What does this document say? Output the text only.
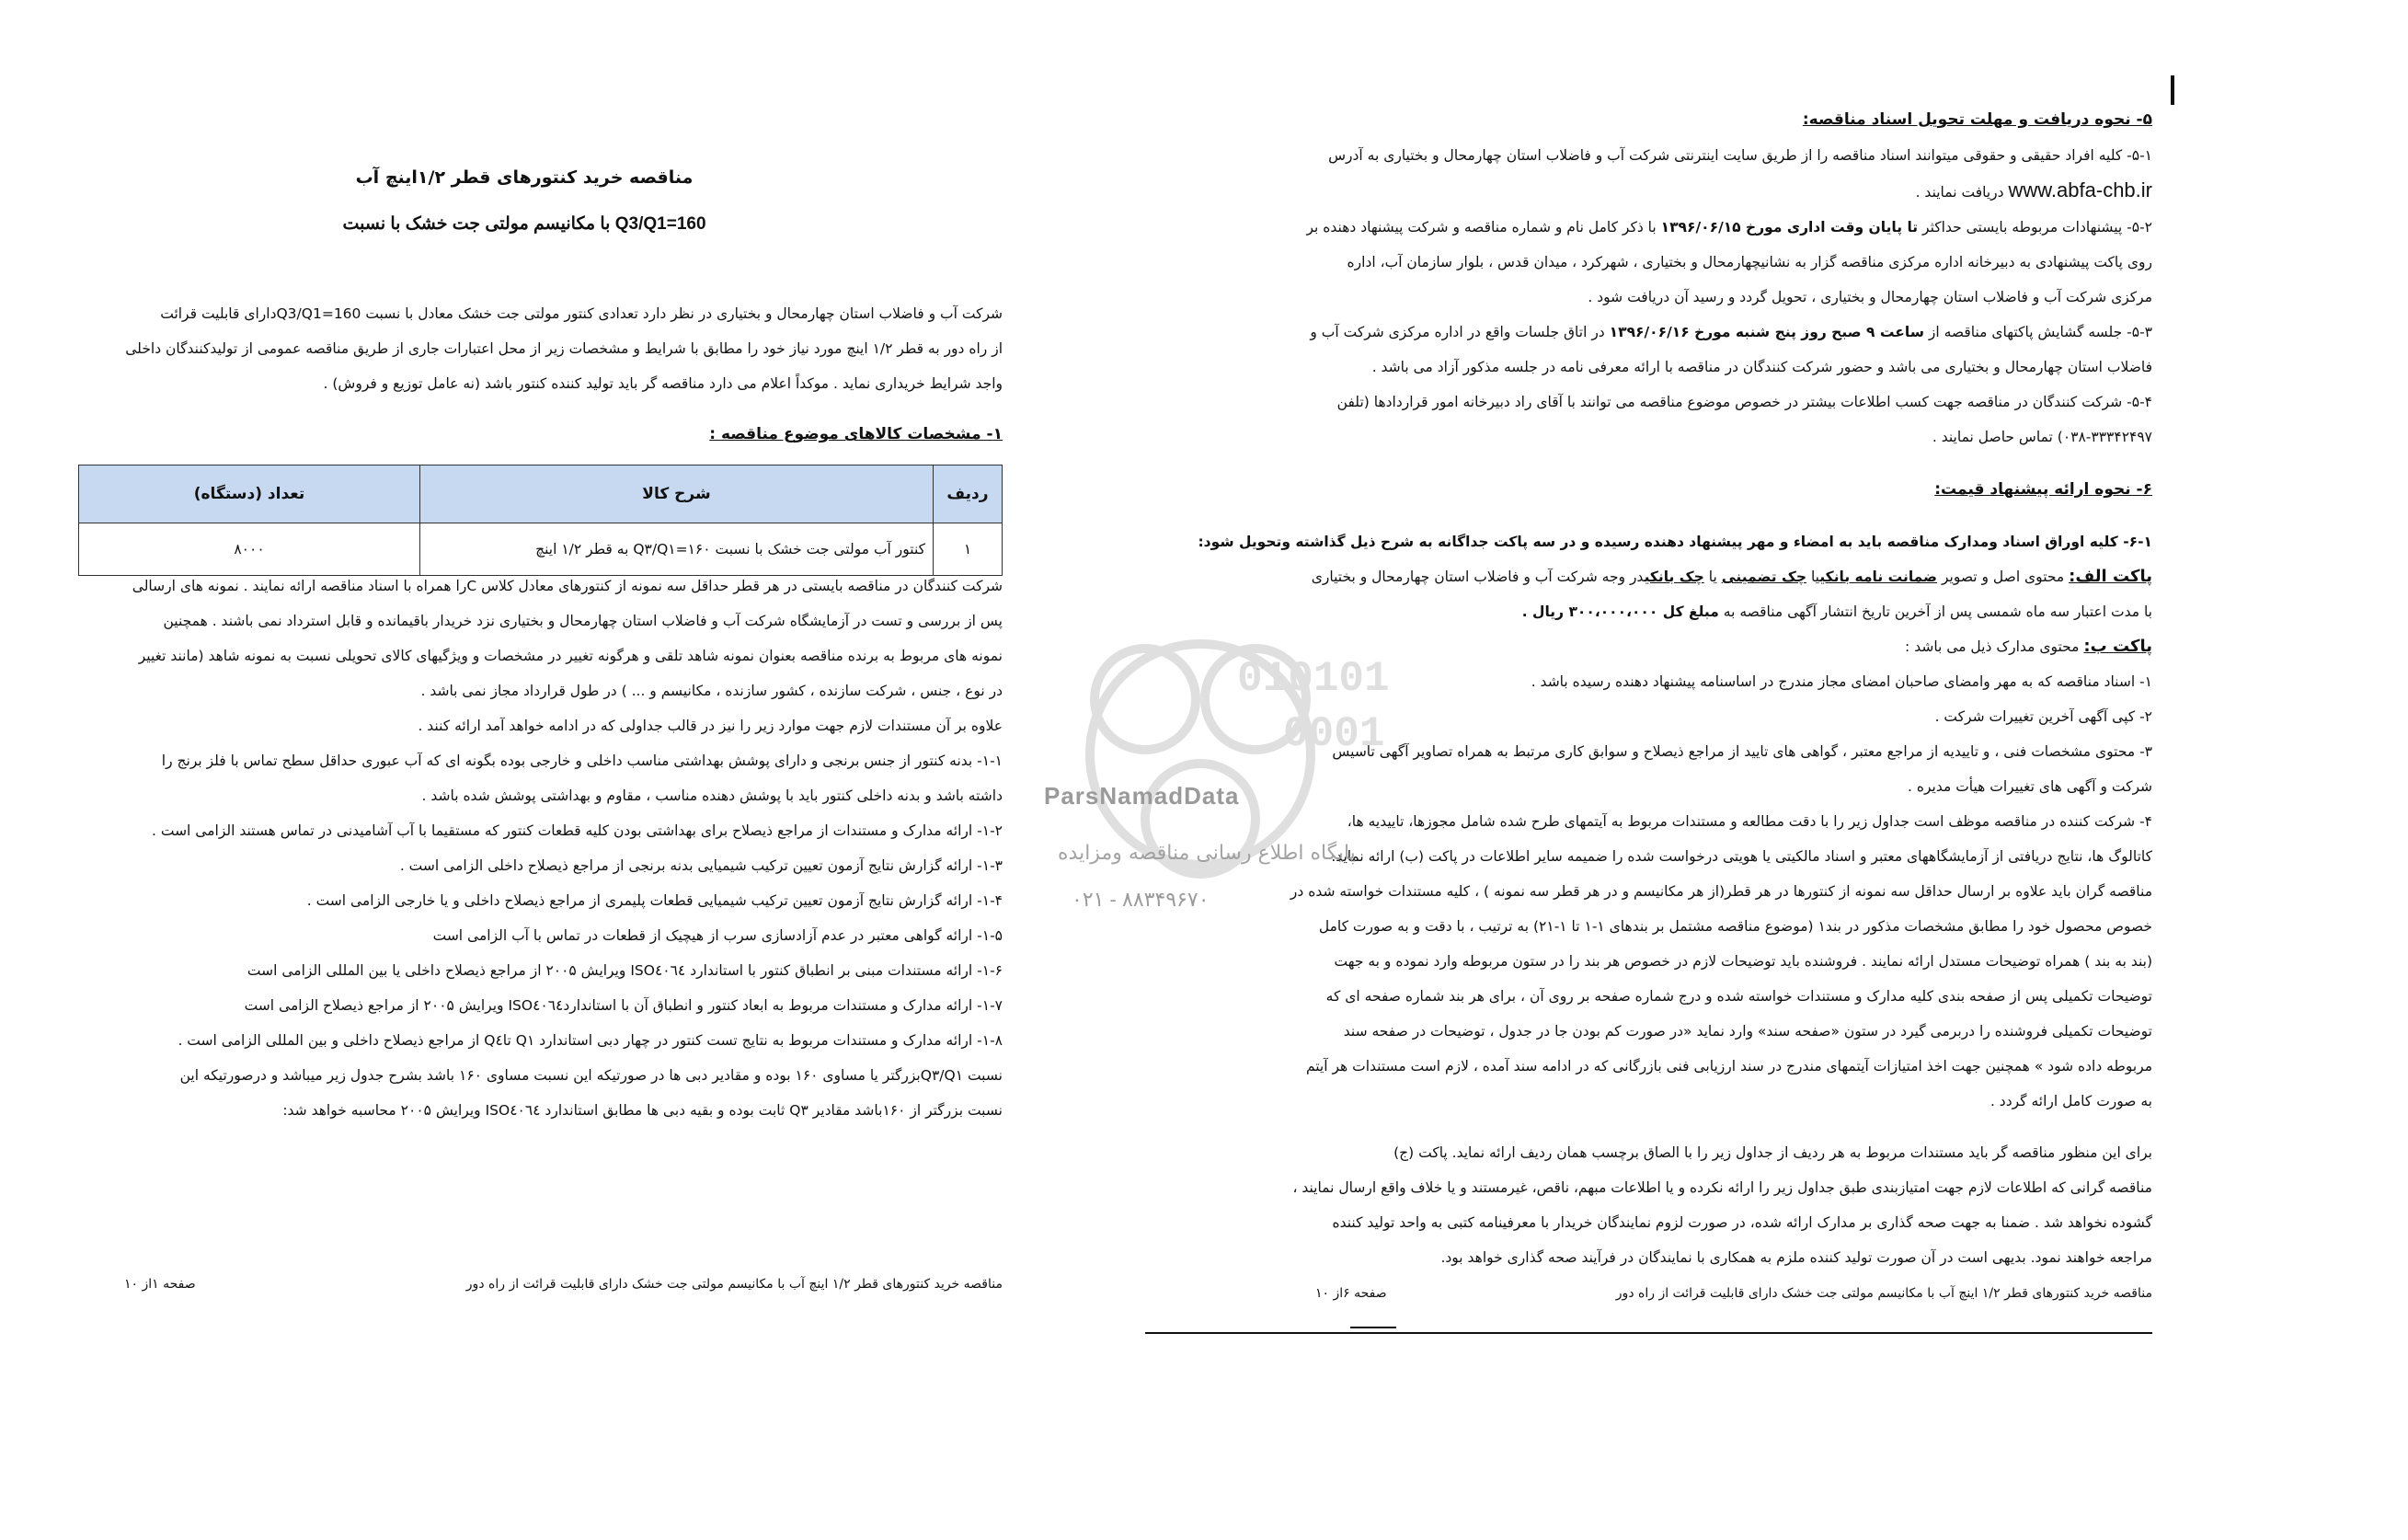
مناقصه خرید کنتورهای قطر ۱/۲اینچ آب

با مکانیسم مولتی جت خشک با نسبت Q3/Q1=160

شرکت آب و فاضلاب استان چهارمحال و بختیاری در نظر دارد تعدادی کنتور مولتی جت خشک معادل با نسبت Q3/Q1=160دارای قابلیت قرائت

از راه دور به قطر ۱/۲ اینچ مورد نیاز خود را مطابق با شرایط و مشخصات زیر از محل اعتبارات جاری از طریق مناقصه عمومی از تولیدکنندگان داخلی

واجد شرایط خریداری نماید . موکداً اعلام می دارد مناقصه گر باید تولید کننده کنتور باشد (نه عامل توزیع و فروش) .

۱- مشخصات کالاهای موضوع مناقصه :

ردیف	شرح کالا	تعداد (دستگاه)
۱	کنتور آب مولتی جت خشک با نسبت ۱۶۰=Q۳/Q۱ به قطر ۱/۲ اینچ	۸۰۰۰

شرکت کنندگان در مناقصه بایستی در هر قطر حداقل سه نمونه از کنتورهای معادل کلاس Cرا همراه با اسناد مناقصه ارائه نمایند . نمونه های ارسالی

پس از بررسی و تست در آزمایشگاه شرکت آب و فاضلاب استان چهارمحال و بختیاری نزد خریدار باقیمانده و قابل استرداد نمی باشند . همچنین

نمونه های مربوط به برنده مناقصه بعنوان نمونه شاهد تلقی و هرگونه تغییر در مشخصات و ویژگیهای کالای تحویلی نسبت به نمونه شاهد (مانند تغییر

در نوع ، جنس ، شرکت سازنده ، کشور سازنده ، مکانیسم و ... ) در طول قرارداد مجاز نمی باشد .

علاوه بر آن مستندات لازم جهت موارد زیر را نیز در قالب جداولی که در ادامه خواهد آمد ارائه کنند .

۱-۱- بدنه کنتور از جنس برنجی و دارای پوشش بهداشتی مناسب داخلی و خارجی بوده بگونه ای که آب عبوری حداقل سطح تماس با فلز برنج را

داشته باشد و بدنه داخلی کنتور باید با پوشش دهنده مناسب ، مقاوم و بهداشتی پوشش شده باشد .

۱-۲- ارائه مدارک و مستندات از مراجع ذیصلاح برای بهداشتی بودن کلیه قطعات کنتور که مستقیما با آب آشامیدنی در تماس هستند الزامی است .

۱-۳- ارائه گزارش نتایج آزمون تعیین ترکیب شیمیایی بدنه برنجی از مراجع ذیصلاح داخلی الزامی است .

۱-۴- ارائه گزارش نتایج آزمون تعیین ترکیب شیمیایی قطعات پلیمری از مراجع ذیصلاح داخلی و یا خارجی الزامی است .

۱-۵- ارائه گواهی معتبر در عدم آزادسازی سرب از هیچیک از قطعات در تماس با آب الزامی است

۱-۶- ارائه مستندات مبنی بر انطباق کنتور با استاندارد ISO٤٠٦٤ ویرایش ۲۰۰۵ از مراجع ذیصلاح داخلی یا بین المللی الزامی است

۱-۷- ارائه مدارک و مستندات مربوط به ابعاد کنتور و انطباق آن با استانداردISO٤٠٦٤ ویرایش ۲۰۰۵ از مراجع ذیصلاح الزامی است

۱-۸- ارائه مدارک و مستندات مربوط به نتایج تست کنتور در چهار دبی استاندارد Q۱ تاQ٤ از مراجع ذیصلاح داخلی و بین المللی الزامی است .

نسبت Q۳/Q۱بزرگتر یا مساوی ۱۶۰ بوده و مقادیر دبی ها در صورتیکه این نسبت مساوی ۱۶۰ باشد بشرح جدول زیر میباشد و درصورتیکه این

نسبت بزرگتر از ۱۶۰باشد مقادیر Q۳ ثابت بوده و بقیه دبی ها مطابق استاندارد ISO٤٠٦٤ ویرایش ۲۰۰۵ محاسبه خواهد شد:

مناقصه خرید کنتورهای قطر ۱/۲ اینچ آب با مکانیسم مولتی جت خشک دارای قابلیت قرائت از راه دور
صفحه ۱از ۱۰

۵- نحوه دریافت و مهلت تحویل اسناد مناقصه:

۵-۱- کلیه افراد حقیقی و حقوقی میتوانند اسناد مناقصه را از طریق سایت اینترنتی شرکت آب و فاضلاب استان چهارمحال و بختیاری به آدرس

www.abfa-chb.ir دریافت نمایند .

۵-۲- پیشنهادات مربوطه بایستی حداکثر تا پایان وقت اداری مورخ ۱۳۹۶/۰۶/۱۵ با ذکر کامل نام و شماره مناقصه و شرکت پیشنهاد دهنده بر

روی پاکت پیشنهادی به دبیرخانه اداره مرکزی مناقصه گزار به نشانیچهارمحال و بختیاری ، شهرکرد ، میدان قدس ، بلوار سازمان آب، اداره

مرکزی شرکت آب و فاضلاب استان چهارمحال و بختیاری ، تحویل گردد و رسید آن دریافت شود .

۵-۳- جلسه گشایش پاکتهای مناقصه از ساعت ۹ صبح روز پنج شنبه مورخ ۱۳۹۶/۰۶/۱۶ در اتاق جلسات واقع در اداره مرکزی شرکت آب و

فاضلاب استان چهارمحال و بختیاری می باشد و حضور شرکت کنندگان در مناقصه با ارائه معرفی نامه در جلسه مذکور آزاد می باشد .

۵-۴- شرکت کنندگان در مناقصه جهت کسب اطلاعات بیشتر در خصوص موضوع مناقصه می توانند با آقای راد دبیرخانه امور قراردادها (تلفن

۰۳۸-۳۳۳۴۲۴۹۷) تماس حاصل نمایند .

۶- نحوه ارائه پیشنهاد قیمت:

۶-۱- کلیه اوراق اسناد ومدارک مناقصه باید به امضاء و مهر پیشنهاد دهنده رسیده و در سه پاکت جداگانه به شرح ذیل گذاشته وتحویل شود:

پاکت الف: محتوی اصل و تصویر ضمانت نامه بانکییا چک تضمینی یا چک بانکیدر وجه شرکت آب و فاضلاب استان چهارمحال و بختیاری

با مدت اعتبار سه ماه شمسی پس از آخرین تاریخ انتشار آگهی مناقصه به مبلغ کل ۳۰۰،۰۰۰،۰۰۰ ریال .

پاکت ب: محتوی مدارک ذیل می باشد :

۱- اسناد مناقصه که به مهر وامضای صاحبان امضای مجاز مندرج در اساسنامه پیشنهاد دهنده رسیده باشد .

۲- کپی آگهی آخرین تغییرات شرکت .

۳- محتوی مشخصات فنی ، و تاییدیه از مراجع معتبر ، گواهی های تایید از مراجع ذیصلاح و سوابق کاری مرتبط به همراه تصاویر آگهی تاسیس

شرکت و آگهی های تغییرات هیأت مدیره .

۴- شرکت کننده در مناقصه موظف است جداول زیر را با دقت مطالعه و مستندات مربوط به آیتمهای طرح شده شامل مجوزها، تاییدیه ها،

کاتالوگ ها، نتایج دریافتی از آزمایشگاههای معتبر و اسناد مالکیتی یا هویتی درخواست شده را ضمیمه سایر اطلاعات در پاکت (ب) ارائه نماید.

مناقصه گران باید علاوه بر ارسال حداقل سه نمونه از کنتورها در هر قطر(از هر مکانیسم و در هر قطر سه نمونه ) ، کلیه مستندات خواسته شده در

خصوص محصول خود را مطابق مشخصات مذکور در بند۱ (موضوع مناقصه مشتمل بر بندهای ۱-۱ تا ۱-۲۱) به ترتیب ، با دقت و به صورت کامل

(بند به بند ) همراه توضیحات مستدل ارائه نمایند . فروشنده باید توضیحات لازم در خصوص هر بند را در ستون مربوطه وارد نموده و به جهت

توضیحات تکمیلی پس از صفحه بندی کلیه مدارک و مستندات خواسته شده و درج شماره صفحه بر روی آن ، برای هر بند شماره صفحه ای که

توضیحات تکمیلی فروشنده را دربرمی گیرد در ستون «صفحه سند» وارد نماید «در صورت کم بودن جا در جدول ، توضیحات در صفحه سند

مربوطه داده شود » همچنین جهت اخذ امتیازات آیتمهای مندرج در سند ارزیابی فنی بازرگانی که در ادامه سند آمده ، لازم است مستندات هر آیتم

به صورت کامل ارائه گردد .

برای این منظور مناقصه گر باید مستندات مربوط به هر ردیف از جداول زیر را با الصاق برچسب همان ردیف ارائه نماید. پاکت (ج)

مناقصه گرانی که اطلاعات لازم جهت امتیازبندی طبق جداول زیر را ارائه نکرده و یا اطلاعات مبهم، ناقص، غیرمستند و یا خلاف واقع ارسال نمایند ،

گشوده نخواهد شد . ضمنا به جهت صحه گذاری بر مدارک ارائه شده، در صورت لزوم نمایندگان خریدار با معرفینامه کتبی به واحد تولید کننده

مراجعه خواهند نمود. بدیهی است در آن صورت تولید کننده ملزم به همکاری با نمایندگان در فرآیند صحه گذاری خواهد بود.

مناقصه خرید کنتورهای قطر ۱/۲ اینچ آب با مکانیسم مولتی جت خشک دارای قابلیت قرائت از راه دور
صفحه ۶از ۱۰
010101
0001
ParsNamadData
پایگاه اطلاع رسانی مناقصه ومزایده
۰۲۱ - ۸۸۳۴۹۶۷۰
